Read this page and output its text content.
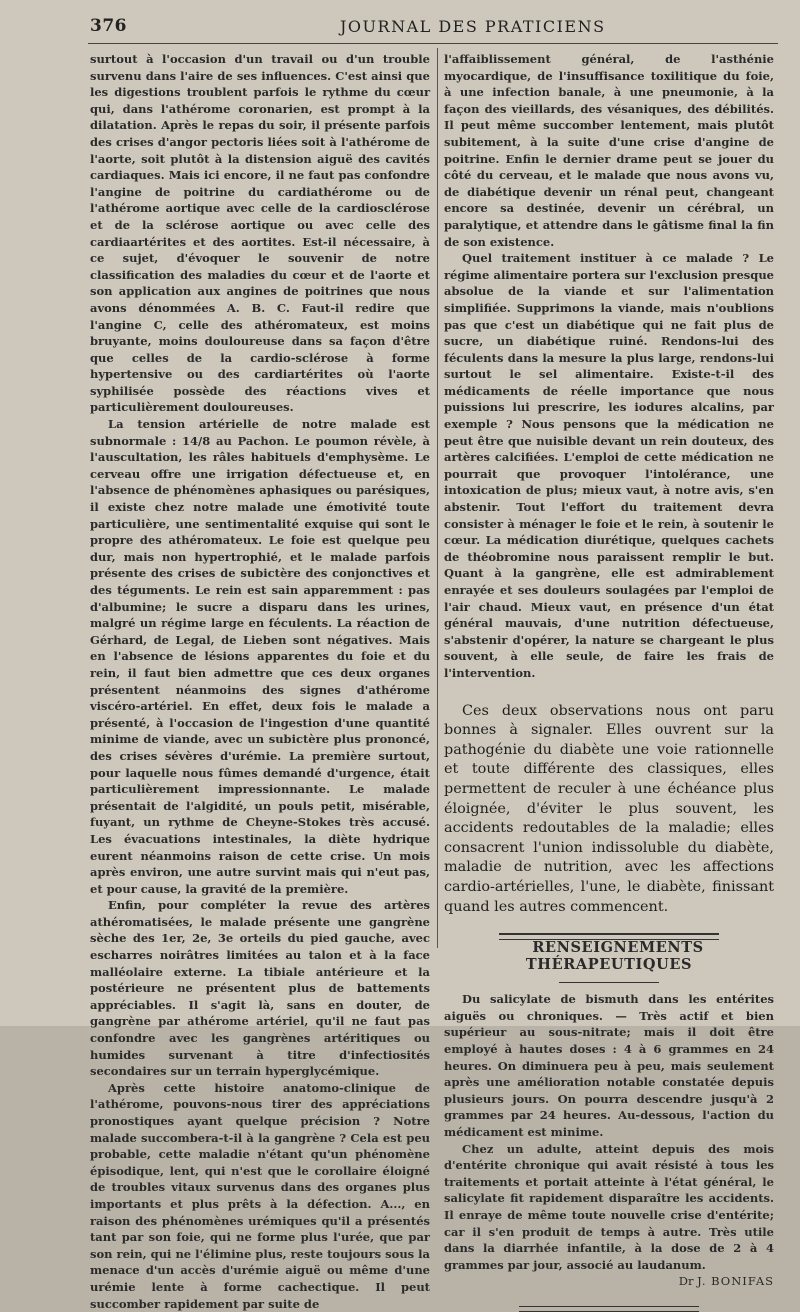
376	JOURNAL DES PRATICIENS

surtout à l'occasion d'un travail ou d'un trouble survenu dans l'aire de ses influences. C'est ainsi que les digestions troublent parfois le rythme du cœur qui, dans l'athérome coronarien, est prompt à la dilatation. Après le repas du soir, il présente parfois des crises d'angor pectoris liées soit à l'athérome de l'aorte, soit plutôt à la distension aiguë des cavités cardiaques. Mais ici encore, il ne faut pas confondre l'angine de poitrine du cardiathérome ou de l'athérome aortique avec celle de la cardiosclérose et de la sclérose aortique ou avec celle des cardiaartérites et des aortites. Est-il nécessaire, à ce sujet, d'évoquer le souvenir de notre classification des maladies du cœur et de l'aorte et son application aux angines de poitrines que nous avons dénommées A. B. C. Faut-il redire que l'angine C, celle des athéromateux, est moins bruyante, moins douloureuse dans sa façon d'être que celles de la cardio-sclérose à forme hypertensive ou des cardiartérites où l'aorte syphilisée possède des réactions vives et particulièrement douloureuses.

La tension artérielle de notre malade est subnormale : 14/8 au Pachon. Le poumon révèle, à l'auscultation, les râles habituels d'emphysème. Le cerveau offre une irrigation défectueuse et, en l'absence de phénomènes aphasiques ou parésiques, il existe chez notre malade une émotivité toute particulière, une sentimentalité exquise qui sont le propre des athéromateux. Le foie est quelque peu dur, mais non hypertrophié, et le malade parfois présente des crises de subictère des conjonctives et des téguments. Le rein est sain apparemment : pas d'albumine; le sucre a disparu dans les urines, malgré un régime large en féculents. La réaction de Gérhard, de Legal, de Lieben sont négatives. Mais en l'absence de lésions apparentes du foie et du rein, il faut bien admettre que ces deux organes présentent néanmoins des signes d'athérome viscéro-artériel. En effet, deux fois le malade a présenté, à l'occasion de l'ingestion d'une quantité minime de viande, avec un subictère plus prononcé, des crises sévères d'urémie. La première surtout, pour laquelle nous fûmes demandé d'urgence, était particulièrement impressionnante. Le malade présentait de l'algidité, un pouls petit, misérable, fuyant, un rythme de Cheyne-Stokes très accusé. Les évacuations intestinales, la diète hydrique eurent néanmoins raison de cette crise. Un mois après environ, une autre survint mais qui n'eut pas, et pour cause, la gravité de la première.

Enfin, pour compléter la revue des artères athéromatisées, le malade présente une gangrène sèche des 1er, 2e, 3e orteils du pied gauche, avec escharres noirâtres limitées au talon et à la face malléolaire externe. La tibiale antérieure et la postérieure ne présentent plus de battements appréciables. Il s'agit là, sans en douter, de gangrène par athérome artériel, qu'il ne faut pas confondre avec les gangrènes artéritiques ou humides survenant à titre d'infectiosités secondaires sur un terrain hyperglycémique.

Après cette histoire anatomo-clinique de l'athérome, pouvons-nous tirer des appréciations pronostiques ayant quelque précision ? Notre malade succombera-t-il à la gangrène ? Cela est peu probable, cette maladie n'étant qu'un phénomène épisodique, lent, qui n'est que le corollaire éloigné de troubles vitaux survenus dans des organes plus importants et plus prêts à la défection. A..., en raison des phénomènes urémiques qu'il a présentés tant par son foie, qui ne forme plus l'urée, que par son rein, qui ne l'élimine plus, reste toujours sous la menace d'un accès d'urémie aiguë ou même d'une urémie lente à forme cachectique. Il peut succomber rapidement par suite de

l'affaiblissement général, de l'asthénie myocardique, de l'insuffisance toxilitique du foie, à une infection banale, à une pneumonie, à la façon des vieillards, des vésaniques, des débilités. Il peut même succomber lentement, mais plutôt subitement, à la suite d'une crise d'angine de poitrine. Enfin le dernier drame peut se jouer du côté du cerveau, et le malade que nous avons vu, de diabétique devenir un rénal peut, changeant encore sa destinée, devenir un cérébral, un paralytique, et attendre dans le gâtisme final la fin de son existence.

Quel traitement instituer à ce malade ? Le régime alimentaire portera sur l'exclusion presque absolue de la viande et sur l'alimentation simplifiée. Supprimons la viande, mais n'oublions pas que c'est un diabétique qui ne fait plus de sucre, un diabétique ruiné. Rendons-lui des féculents dans la mesure la plus large, rendons-lui surtout le sel alimentaire. Existe-t-il des médicaments de réelle importance que nous puissions lui prescrire, les iodures alcalins, par exemple ? Nous pensons que la médication ne peut être que nuisible devant un rein douteux, des artères calcifiées. L'emploi de cette médication ne pourrait que provoquer l'intolérance, une intoxication de plus; mieux vaut, à notre avis, s'en abstenir. Tout l'effort du traitement devra consister à ménager le foie et le rein, à soutenir le cœur. La médication diurétique, quelques cachets de théobromine nous paraissent remplir le but. Quant à la gangrène, elle est admirablement enrayée et ses douleurs soulagées par l'emploi de l'air chaud. Mieux vaut, en présence d'un état général mauvais, d'une nutrition défectueuse, s'abstenir d'opérer, la nature se chargeant le plus souvent, à elle seule, de faire les frais de l'intervention.

Ces deux observations nous ont paru bonnes à signaler. Elles ouvrent sur la pathogénie du diabète une voie rationnelle et toute différente des classiques, elles permettent de reculer à une échéance plus éloignée, d'éviter le plus souvent, les accidents redoutables de la maladie; elles consacrent l'union indissoluble du diabète, maladie de nutrition, avec les affections cardio-artérielles, l'une, le diabète, finissant quand les autres commencent.

RENSEIGNEMENTS THÉRAPEUTIQUES

Du salicylate de bismuth dans les entérites aiguës ou chroniques. — Très actif et bien supérieur au sous-nitrate; mais il doit être employé à hautes doses : 4 à 6 grammes en 24 heures. On diminuera peu à peu, mais seulement après une amélioration notable constatée depuis plusieurs jours. On pourra descendre jusqu'à 2 grammes par 24 heures. Au-dessous, l'action du médicament est minime.

Chez un adulte, atteint depuis des mois d'entérite chronique qui avait résisté à tous les traitements et portait atteinte à l'état général, le salicylate fit rapidement disparaître les accidents. Il enraye de même toute nouvelle crise d'entérite; car il s'en produit de temps à autre. Très utile dans la diarrhée infantile, à la dose de 2 à 4 grammes par jour, associé au laudanum.

Dr J. BONIFAS
